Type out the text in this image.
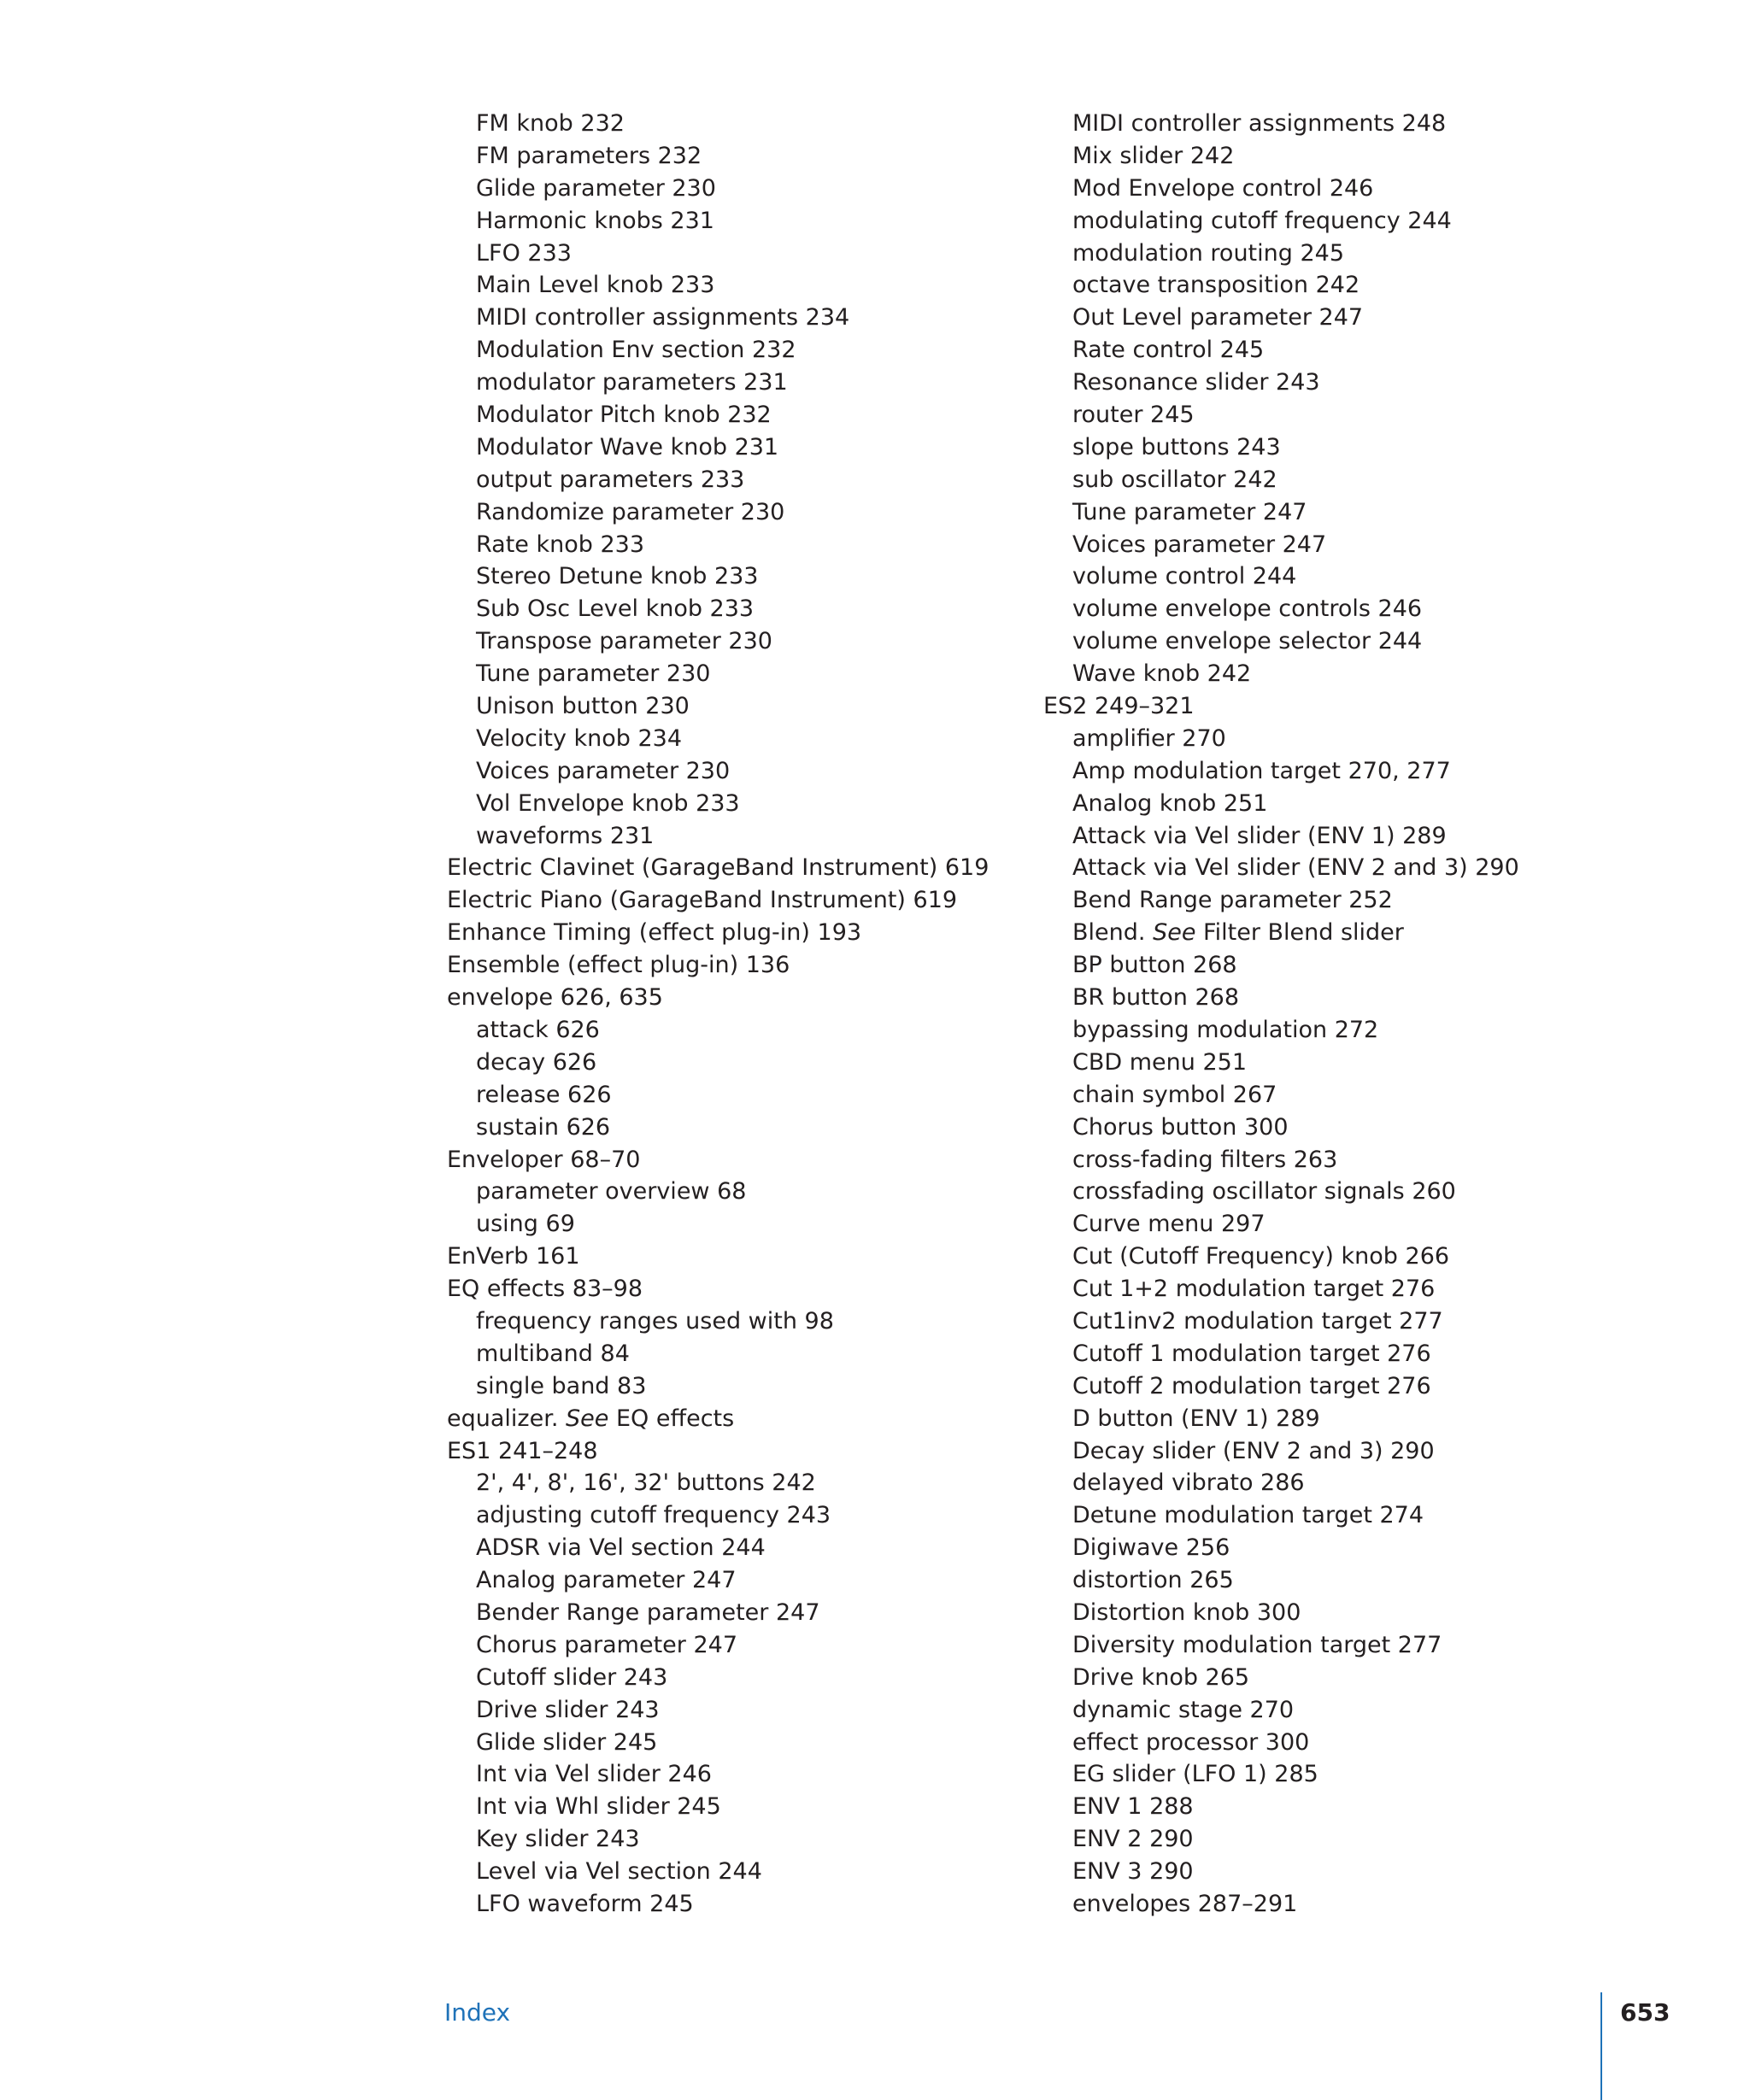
FM knob 232
FM parameters 232
Glide parameter 230
Harmonic knobs 231
LFO 233
Main Level knob 233
MIDI controller assignments 234
Modulation Env section 232
modulator parameters 231
Modulator Pitch knob 232
Modulator Wave knob 231
output parameters 233
Randomize parameter 230
Rate knob 233
Stereo Detune knob 233
Sub Osc Level knob 233
Transpose parameter 230
Tune parameter 230
Unison button 230
Velocity knob 234
Voices parameter 230
Vol Envelope knob 233
waveforms 231
Electric Clavinet (GarageBand Instrument) 619
Electric Piano (GarageBand Instrument) 619
Enhance Timing (effect plug-in) 193
Ensemble (effect plug-in) 136
envelope 626, 635
attack 626
decay 626
release 626
sustain 626
Enveloper 68–70
parameter overview 68
using 69
EnVerb 161
EQ effects 83–98
frequency ranges used with 98
multiband 84
single band 83
equalizer. See EQ effects
ES1 241–248
2', 4', 8', 16', 32' buttons 242
adjusting cutoff frequency 243
ADSR via Vel section 244
Analog parameter 247
Bender Range parameter 247
Chorus parameter 247
Cutoff slider 243
Drive slider 243
Glide slider 245
Int via Vel slider 246
Int via Whl slider 245
Key slider 243
Level via Vel section 244
LFO waveform 245
MIDI controller assignments 248
Mix slider 242
Mod Envelope control 246
modulating cutoff frequency 244
modulation routing 245
octave transposition 242
Out Level parameter 247
Rate control 245
Resonance slider 243
router 245
slope buttons 243
sub oscillator 242
Tune parameter 247
Voices parameter 247
volume control 244
volume envelope controls 246
volume envelope selector 244
Wave knob 242
ES2 249–321
amplifier 270
Amp modulation target 270, 277
Analog knob 251
Attack via Vel slider (ENV 1) 289
Attack via Vel slider (ENV 2 and 3) 290
Bend Range parameter 252
Blend. See Filter Blend slider
BP button 268
BR button 268
bypassing modulation 272
CBD menu 251
chain symbol 267
Chorus button 300
cross-fading filters 263
crossfading oscillator signals 260
Curve menu 297
Cut (Cutoff Frequency) knob 266
Cut 1+2 modulation target 276
Cut1inv2 modulation target 277
Cutoff 1 modulation target 276
Cutoff 2 modulation target 276
D button (ENV 1) 289
Decay slider (ENV 2 and 3) 290
delayed vibrato 286
Detune modulation target 274
Digiwave 256
distortion 265
Distortion knob 300
Diversity modulation target 277
Drive knob 265
dynamic stage 270
effect processor 300
EG slider (LFO 1) 285
ENV 1 288
ENV 2 290
ENV 3 290
envelopes 287–291
Index	653
